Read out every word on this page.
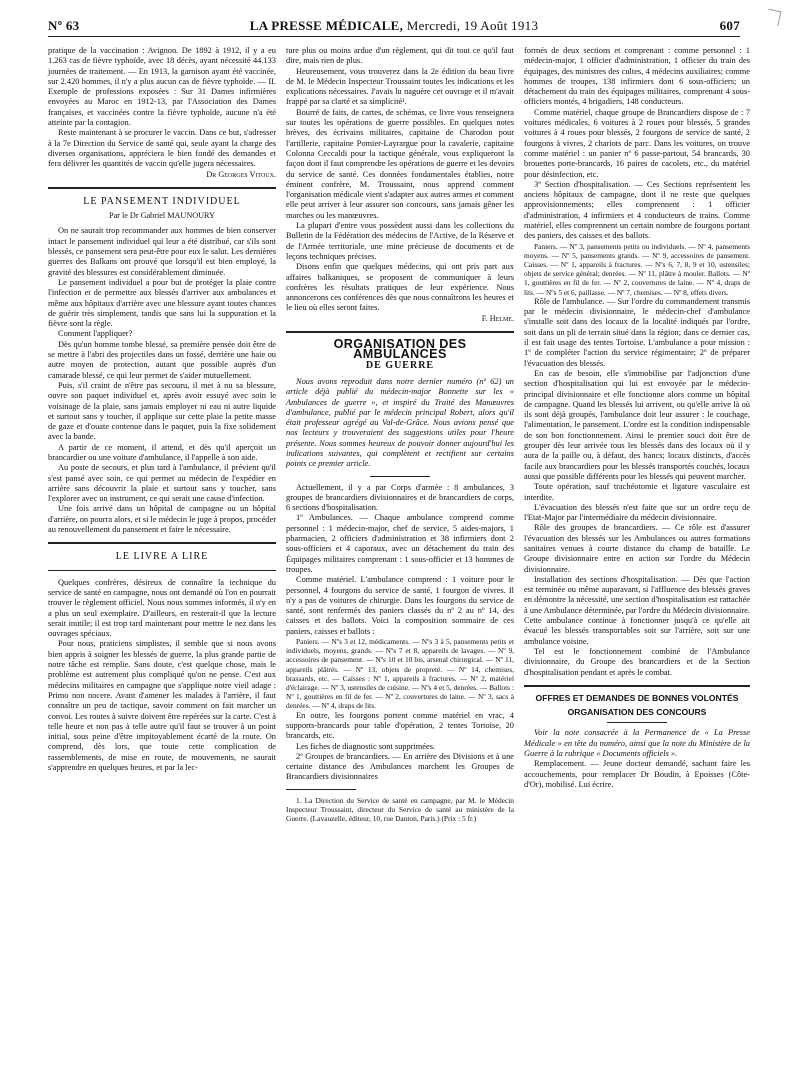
Nº 63	LA PRESSE MÉDICALE, Mercredi, 19 Août 1913	607

pratique de la vaccination : Avignon. De 1892 à 1912, il y a eu 1.263 cas de fièvre typhoïde, avec 18 décès, ayant nécessité 44.133 journées de traitement. — En 1913, la garnison ayant été vaccinée, sur 2.420 hommes, il n'y a plus aucun cas de fièvre typhoïde. — II. Exemple de professions exposées : Sur 31 Dames infirmières envoyées au Maroc en 1912-13, par l'Association des Dames françaises, et vaccinées contre la fièvre typhoïde, aucune n'a été atteinte par la contagion.

Reste maintenant à se procurer le vaccin. Dans ce but, s'adresser à la 7e Direction du Service de santé qui, seule ayant la charge des diverses organisations, appréciera le bien fondé des demandes et fera délivrer les quantités de vaccin qu'elle jugera nécessaires.

Dr Georges Vitoux.

LE PANSEMENT INDIVIDUEL
Par le Dr Gabriel MAUNOURY

On ne saurait trop recommander aux hommes de bien conserver intact le pansement individuel qui leur a été distribué, car s'ils sont blessés, ce pansement sera peut-être pour eux le salut. Les dernières guerres des Balkans ont prouvé que lorsqu'il est bien employé, la gravité des blessures est considérablement diminuée.

Le pansement individuel a pour but de protéger la plaie contre l'infection et de permettre aux blessés d'arriver aux ambulances et même aux hôpitaux d'arrière avec une blessure ayant toutes chances de guérir très simplement, tandis que sans lui la suppuration et la fièvre sont la règle.

Comment l'appliquer?

Dès qu'un homme tombe blessé, sa première pensée doit être de se mettre à l'abri des projectiles dans un fossé, derrière une haie ou autre moyen de protection, autant que possible auprès d'un camarade blessé, ce qui leur permet de s'aider mutuellement.

Puis, s'il craint de n'être pas secouru, il met à nu sa blessure, ouvre son paquet individuel et, après avoir essuyé avec soin le voisinage de la plaie, sans jamais employer ni eau ni autre liquide et surtout sans y toucher, il applique sur cette plaie la petite masse de gaze et d'ouate contenue dans le paquet, puis la fixe solidement avec la bande.

A partir de ce moment, il attend, et dès qu'il aperçoit un brancardier ou une voiture d'ambulance, il l'appelle à son aide.

Au poste de secours, et plus tard à l'ambulance, il prévient qu'il s'est pansé avec soin, ce qui permet au médecin de l'expédier en arrière sans découvrir la plaie et surtout sans y toucher, sans l'explorer avec un instrument, ce qui serait une cause d'infection.

Une fois arrivé dans un hôpital de campagne ou un hôpital d'arrière, on pourra alors, et si le médecin le juge à propos, procéder au renouvellement du pansement et faire le nécessaire.

LE LIVRE A LIRE

Quelques confrères, désireux de connaître la technique du service de santé en campagne, nous ont demandé où l'on en pourrait trouver le règlement officiel. Nous nous sommes informés, il n'y en a plus un seul exemplaire. D'ailleurs, en resterait-il que la lecture serait inutile; il est trop tard maintenant pour mettre le nez dans les ouvrages spéciaux.

Pour nous, praticiens simplistes, il semble que si nous avons bien appris à soigner les blessés de guerre, la plus grande partie de notre tâche est remplie. Sans doute, c'est quelque chose, mais le problème est autrement plus compliqué qu'on ne pense. C'est aux médecins militaires en campagne que s'applique notre vieil adage : Primo non nocere. Avant d'amener les malades à l'arrière, il faut connaître un peu de tactique, savoir comment on fait marcher un convoi. Les routes à suivre doivent être repérées sur la carte. C'est à telle heure et non pas à telle autre qu'il faut se trouver à un point initial, sous peine d'être impitoyablement écarté de la route. On comprend, dès lors, que toute cette complication de rassemblements, de mise en route, de mouvements, ne saurait s'apprendre en quelques heures, et par la lec-

ture plus ou moins ardue d'un règlement, qui dit tout ce qu'il faut dire, mais rien de plus.

Heureusement, vous trouverez dans la 2e édition du beau livre de M. le Médecin Inspecteur Troussaint toutes les indications et les explications nécessaires. J'avais lu naguère cet ouvrage et il m'avait frappé par sa clarté et sa simplicité¹.

Bourré de faits, de cartes, de schémas, ce livre vous renseignera sur toutes les opérations de guerre possibles. En quelques notes brèves, des écrivains militaires, capitaine de Charodon pour l'artillerie, capitaine Pomier-Layrargue pour la cavalerie, capitaine Colonna Ceccaldi pour la tactique générale, vous expliqueront la façon dont il faut comprendre les opérations de guerre et les devoirs du service de santé. Ces données fondamentales établies, notre éminent confrère, M. Troussaint, nous apprend comment l'organisation médicale vient s'adapter aux autres armes et comment elle peut arriver à leur assurer son concours, sans jamais gêner les marches ou les manœuvres.

La plupart d'entre vous possèdent aussi dans les collections du Bulletin de la Fédération des médecins de l'Active, de la Réserve et de l'Armée territoriale, une mine précieuse de documents et de leçons techniques précises.

Disons enfin que quelques médecins, qui ont pris part aux affaires balkaniques, se proposent de communiquer à leurs confrères les résultats pratiques de leur expérience. Nous annoncerons ces conférences dès que nous connaîtrons les heures et le lieu où elles seront faites.

F. Helme.

ORGANISATION DES AMBULANCES
DE GUERRE

Nous avons reproduit dans notre dernier numéro (nº 62) un article déjà publié du médecin-major Bonnette sur les « Ambulances de guerre », et inspiré du Traité des Manœuvres d'ambulance, publié par le médecin principal Robert, alors qu'il était professeur agrégé au Val-de-Grâce. Nous avions pensé que nos lecteurs y trouveraient des suggestions utiles pour l'heure présente. Nous sommes heureux de pouvoir donner aujourd'hui les indications suivantes, qui complètent et rectifient sur certains points ce premier article.

Actuellement, il y a par Corps d'armée : 8 ambulances, 3 groupes de brancardiers divisionnaires et de brancardiers de corps, 6 sections d'hospitalisation.

1º Ambulances. — Chaque ambulance comprend comme personnel : 1 médecin-major, chef de service, 5 aides-majors, 1 pharmacien, 2 officiers d'administration et 38 infirmiers dont 2 sous-officiers et 4 caporaux, avec un détachement du train des Équipages militaires comprenant : 1 sous-officier et 13 hommes de troupes.

Comme matériel. L'ambulance comprend : 1 voiture pour le personnel, 4 fourgons du service de santé, 1 fourgon de vivres. Il n'y a pas de voitures de chirurgie. Dans les fourgons du service de santé, sont renfermés des paniers classés du nº 2 au nº 14, des caisses et des ballots. Voici la composition sommaire de ces paniers, caisses et ballots :

Paniers. — Nºs 3 et 12, médicaments. — Nºs 3 à 5, pansements petits et individuels, moyens, grands. — Nºs 7 et 8, appareils de lavages. — Nº 9, accessoires de pansement. — Nºs 10 et 10 bis, arsenal chirurgical. — Nº 11, appareils plâtrés. — Nº 13, objets de propreté. — Nº 14, chemises, brassards, etc. — Caisses : Nº 1, appareils à fractures. — Nº 2, matériel d'éclairage. — Nº 3, ustensiles de cuisine. — Nºs 4 et 5, denrées. — Ballots : Nº 1, gouttières en fil de fer. — Nº 2, couvertures de laine. — Nº 3, sacs à denrées. — Nº 4, draps de lits.

En outre, les fourgons portent comme matériel en vrac, 4 supports-brancards pour table d'opération, 2 tentes Tortoise, 20 brancards, etc.

Les fiches de diagnostic sont supprimées.

2º Groupes de brancardiers. — En arrière des Divisions et à une certaine distance des Ambulances marchent les Groupes de Brancardiers divisionnaires

1. La Direction du Service de santé en campagne, par M. le Médecin Inspecteur Troussaint, directeur du Service de santé au ministère de la Guerre. (Lavauzelle, éditeur, 10, rue Danton, Paris.) (Prix : 5 fr.)

formés de deux sections et comprenant : comme personnel : 1 médecin-major, 1 officier d'administration, 1 officier du train des équipages, des ministres des cultes, 4 médecins auxiliaires; comme hommes de troupes, 138 infirmiers dont 6 sous-officiers; un détachement du train des équipages militaires, comprenant 4 sous-officiers montés, 4 brigadiers, 148 conducteurs.

Comme matériel, chaque groupe de Brancardiers dispose de : 7 voitures médicales, 6 voitures à 2 roues pour blessés, 5 grandes voitures à 4 roues pour blessés, 2 fourgons de service de santé, 2 fourgons à vivres, 2 chariots de parc. Dans les voitures, on trouve comme matériel : un panier nº 6 passe-partout, 54 brancards, 30 brouettes porte-brancards, 16 paires de cacolets, etc., du matériel pour désinfection, etc.

3º Section d'hospitalisation. — Ces Sections représentent les anciens hôpitaux de campagne, dont il ne reste que quelques approvisionnements; elles comprennent : 1 officier d'administration, 4 infirmiers et 4 conducteurs de trains. Comme matériel, elles comprennent un certain nombre de fourgons portant des paniers, des caisses et des ballots.

Paniers. — Nº 3, pansements petits ou individuels. — Nº 4, pansements moyens. — Nº 5, pansements grands. — Nº 9, accessoires de pansement. Caisses. — Nº 1, appareils à fractures. — Nºs 6, 7, 8, 9 et 10, ustensiles; objets de service général; denrées. — Nº 11, plâtre à mouler. Ballots. — Nº 1, gouttières en fil de fer. — Nº 2, couvertures de laine. — Nº 4, draps de lits. — Nºs 5 et 6, paillasse. — Nº 7, chemises. — Nº 8, effets divers.

Rôle de l'ambulance. — Sur l'ordre du commandement transmis par le médecin divisionnaire, le médecin-chef d'ambulance s'installe soit dans des locaux de la localité indiqués par l'ordre, soit dans un pli de terrain situé dans la région; dans ce dernier cas, il est fait usage des tentes Tortoise. L'ambulance a pour mission : 1º de compléter l'action du service régimentaire; 2º de préparer l'évacuation des blessés.

En cas de besoin, elle s'immobilise par l'adjonction d'une section d'hospitalisation qui lui est envoyée par le médecin-principal divisionnaire et elle fonctionne alors comme un hôpital de campagne. Quand les blessés lui arrivent, ou qu'elle arrive là où ils sont déjà groupés, l'ambulance doit leur assurer : le couchage, l'alimentation, le pansement. L'ordre est la condition indispensable de son bon fonctionnement. Ainsi le premier souci doit être de grouper dès leur arrivée tous les blessés dans des locaux où il y aura de la paille ou, à défaut, des bancs; locaux distincts, d'accès facile aux brancardiers pour les blessés transportés couchés, locaux aussi que possible différents pour les blessés qui peuvent marcher.

Toute opération, sauf trachéotomie et ligature vasculaire est interdite.

L'évacuation des blessés n'est faite que sur un ordre reçu de l'Etat-Major par l'intermédiaire du médecin divisionnaire.

Rôle des groupes de brancardiers. — Ce rôle est d'assurer l'évacuation des blessés sur les Ambulances ou autres formations sanitaires venues à courte distance du champ de bataille. Le Groupe divisionnaire entre en action sur l'ordre du Médecin divisionnaire.

Installation des sections d'hospitalisation. — Dès que l'action est terminée ou même auparavant, si l'affluence des blessés graves en démontre la nécessité, une section d'hospitalisation est rattachée à une Ambulance déterminée, par l'ordre du Médecin divisionnaire. Cette ambulance continue à fonctionner jusqu'à ce qu'elle ait évacué les blessés transportables soit sur l'arrière, soit sur une ambulance voisine.

Tel est le fonctionnement combiné de l'Ambulance divisionnaire, du Groupe des brancardiers et de la Section d'hospitalisation pendant et après le combat.

OFFRES ET DEMANDES DE BONNES VOLONTÉS
ORGANISATION DES CONCOURS

Voir la note consacrée à la Permanence de « La Presse Médicale » en tête du numéro, ainsi que la note du Ministère de la Guerre à la rubrique « Documents officiels ».

Remplacement. — Jeune docteur demandé, sachant faire les accouchements, pour remplacer Dr Boudin, à Epoisses (Côte-d'Or), mobilisé. Lui écrire.
